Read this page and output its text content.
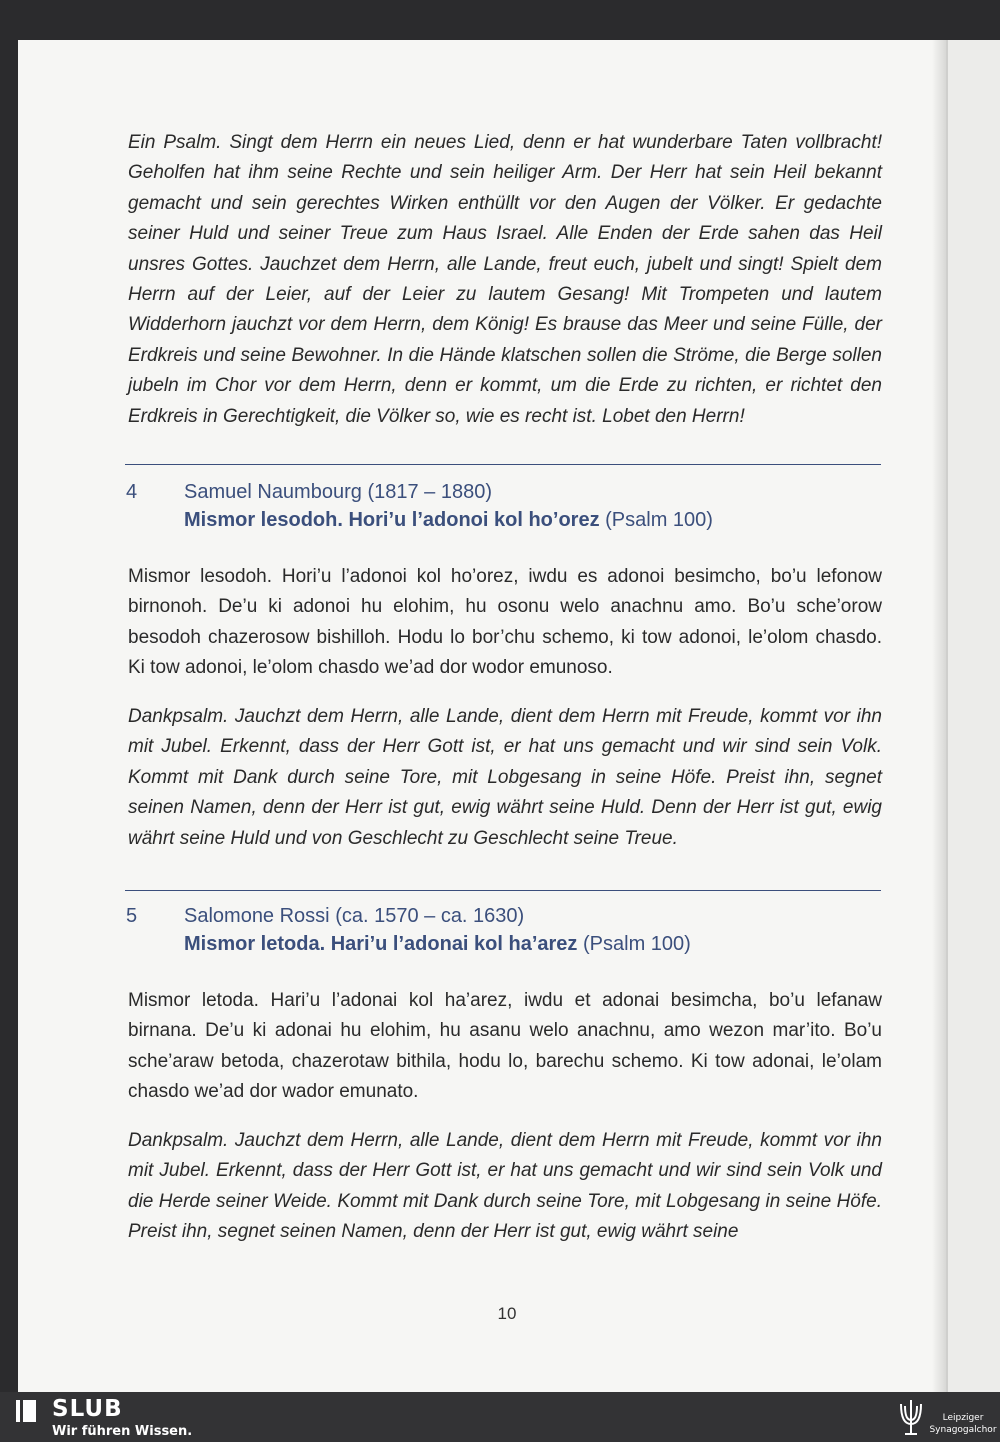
Ein Psalm. Singt dem Herrn ein neues Lied, denn er hat wunderbare Taten vollbracht! Geholfen hat ihm seine Rechte und sein heiliger Arm. Der Herr hat sein Heil bekannt gemacht und sein gerechtes Wirken enthüllt vor den Augen der Völker. Er gedachte seiner Huld und seiner Treue zum Haus Israel. Alle Enden der Erde sahen das Heil unsres Gottes. Jauchzet dem Herrn, alle Lande, freut euch, jubelt und singt! Spielt dem Herrn auf der Leier, auf der Leier zu lautem Gesang! Mit Trompeten und lautem Widderhorn jauchzt vor dem Herrn, dem König! Es brause das Meer und seine Fülle, der Erdkreis und seine Bewohner. In die Hände klatschen sollen die Ströme, die Berge sollen jubeln im Chor vor dem Herrn, denn er kommt, um die Erde zu richten, er richtet den Erdkreis in Gerechtigkeit, die Völker so, wie es recht ist. Lobet den Herrn!
4 Samuel Naumbourg (1817 – 1880)
Mismor lesodoh. Hori’u l’adonoi kol ho’orez (Psalm 100)
Mismor lesodoh. Hori’u l’adonoi kol ho’orez, iwdu es adonoi besimcho, bo’u lefonow birnonoh. De’u ki adonoi hu elohim, hu osonu welo anachnu amo. Bo’u sche’orow besodoh chazerosow bishilloh. Hodu lo bor’chu schemo, ki tow adonoi, le’olom chasdo. Ki tow adonoi, le’olom chasdo we’ad dor wodor emunoso.
Dankpsalm. Jauchzt dem Herrn, alle Lande, dient dem Herrn mit Freude, kommt vor ihn mit Jubel. Erkennt, dass der Herr Gott ist, er hat uns gemacht und wir sind sein Volk. Kommt mit Dank durch seine Tore, mit Lobgesang in seine Höfe. Preist ihn, segnet seinen Namen, denn der Herr ist gut, ewig währt seine Huld. Denn der Herr ist gut, ewig währt seine Huld und von Geschlecht zu Geschlecht seine Treue.
5 Salomone Rossi (ca. 1570 – ca. 1630)
Mismor letoda. Hari’u l’adonai kol ha’arez (Psalm 100)
Mismor letoda. Hari’u l’adonai kol ha’arez, iwdu et adonai besimcha, bo’u lefanaw birnana. De’u ki adonai hu elohim, hu asanu welo anachnu, amo wezon mar’ito. Bo’u sche’araw betoda, chazerotaw bithila, hodu lo, barechu schemo. Ki tow adonai, le’olam chasdo we’ad dor wador emunato.
Dankpsalm. Jauchzt dem Herrn, alle Lande, dient dem Herrn mit Freude, kommt vor ihn mit Jubel. Erkennt, dass der Herr Gott ist, er hat uns gemacht und wir sind sein Volk und die Herde seiner Weide. Kommt mit Dank durch seine Tore, mit Lobgesang in seine Höfe. Preist ihn, segnet seinen Namen, denn der Herr ist gut, ewig währt seine
10
SLUB
Wir führen Wissen.
Leipziger
Synagogalchor
